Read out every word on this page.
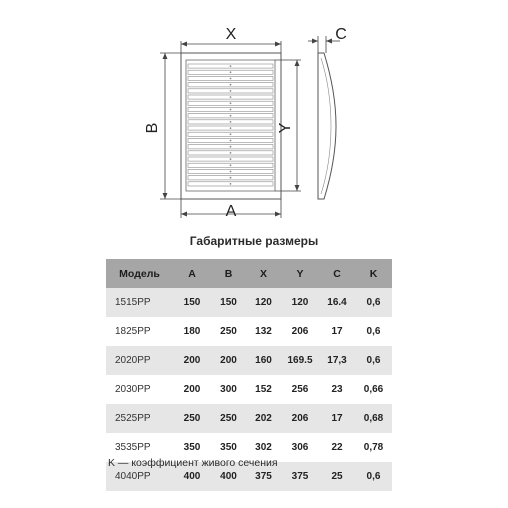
X
A
B	Y
C
Габаритные размеры
Модель	A	B	X	Y	C	K
1515PP	150	150	120	120	16.4	0,6
1825PP	180	250	132	206	17	0,6
2020PP	200	200	160	169.5	17,3	0,6
2030PP	200	300	152	256	23	0,66
2525PP	250	250	202	206	17	0,68
3535PP	350	350	302	306	22	0,78
4040PP	400	400	375	375	25	0,6
K — коэффициент живого сечения
